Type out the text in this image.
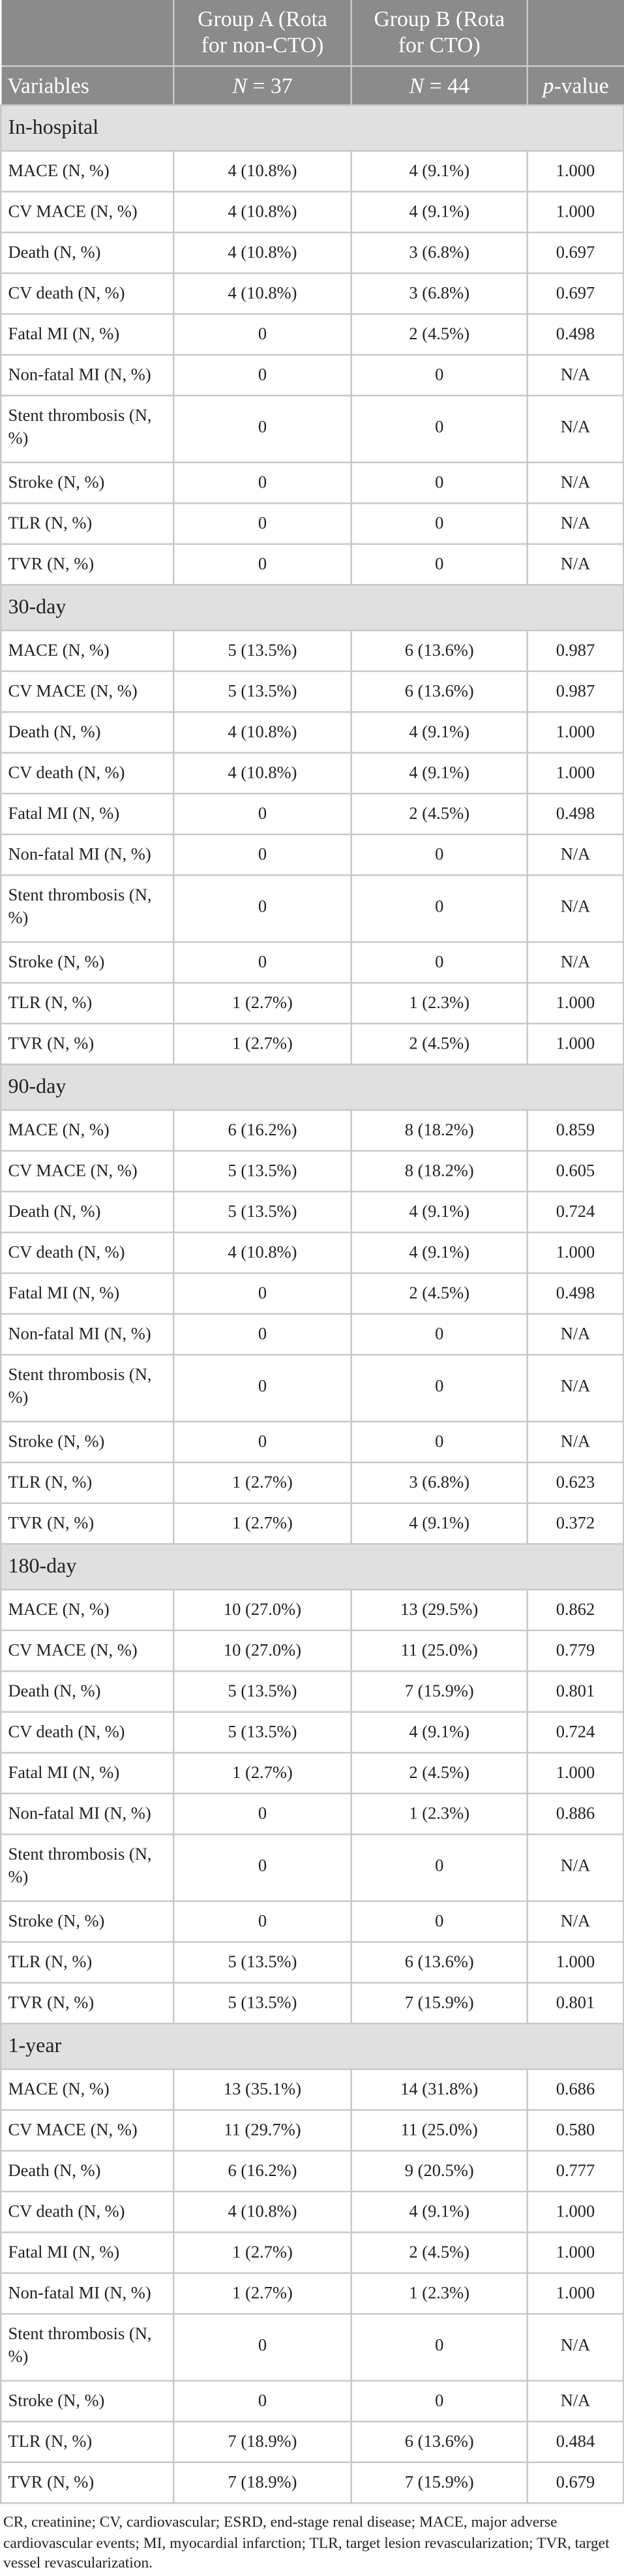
	Group A (Rota
for non-CTO)	Group B (Rota
for CTO)	
Variables	N = 37	N = 44	p-value
In-hospital			
MACE (N, %)	4 (10.8%)	4 (9.1%)	1.000
CV MACE (N, %)	4 (10.8%)	4 (9.1%)	1.000
Death (N, %)	4 (10.8%)	3 (6.8%)	0.697
CV death (N, %)	4 (10.8%)	3 (6.8%)	0.697
Fatal MI (N, %)	0	2 (4.5%)	0.498
Non-fatal MI (N, %)	0	0	N/A
Stent thrombosis (N, %)	0	0	N/A
Stroke (N, %)	0	0	N/A
TLR (N, %)	0	0	N/A
TVR (N, %)	0	0	N/A
30-day			
MACE (N, %)	5 (13.5%)	6 (13.6%)	0.987
CV MACE (N, %)	5 (13.5%)	6 (13.6%)	0.987
Death (N, %)	4 (10.8%)	4 (9.1%)	1.000
CV death (N, %)	4 (10.8%)	4 (9.1%)	1.000
Fatal MI (N, %)	0	2 (4.5%)	0.498
Non-fatal MI (N, %)	0	0	N/A
Stent thrombosis (N, %)	0	0	N/A
Stroke (N, %)	0	0	N/A
TLR (N, %)	1 (2.7%)	1 (2.3%)	1.000
TVR (N, %)	1 (2.7%)	2 (4.5%)	1.000
90-day			
MACE (N, %)	6 (16.2%)	8 (18.2%)	0.859
CV MACE (N, %)	5 (13.5%)	8 (18.2%)	0.605
Death (N, %)	5 (13.5%)	4 (9.1%)	0.724
CV death (N, %)	4 (10.8%)	4 (9.1%)	1.000
Fatal MI (N, %)	0	2 (4.5%)	0.498
Non-fatal MI (N, %)	0	0	N/A
Stent thrombosis (N, %)	0	0	N/A
Stroke (N, %)	0	0	N/A
TLR (N, %)	1 (2.7%)	3 (6.8%)	0.623
TVR (N, %)	1 (2.7%)	4 (9.1%)	0.372
180-day			
MACE (N, %)	10 (27.0%)	13 (29.5%)	0.862
CV MACE (N, %)	10 (27.0%)	11 (25.0%)	0.779
Death (N, %)	5 (13.5%)	7 (15.9%)	0.801
CV death (N, %)	5 (13.5%)	4 (9.1%)	0.724
Fatal MI (N, %)	1 (2.7%)	2 (4.5%)	1.000
Non-fatal MI (N, %)	0	1 (2.3%)	0.886
Stent thrombosis (N, %)	0	0	N/A
Stroke (N, %)	0	0	N/A
TLR (N, %)	5 (13.5%)	6 (13.6%)	1.000
TVR (N, %)	5 (13.5%)	7 (15.9%)	0.801
1-year			
MACE (N, %)	13 (35.1%)	14 (31.8%)	0.686
CV MACE (N, %)	11 (29.7%)	11 (25.0%)	0.580
Death (N, %)	6 (16.2%)	9 (20.5%)	0.777
CV death (N, %)	4 (10.8%)	4 (9.1%)	1.000
Fatal MI (N, %)	1 (2.7%)	2 (4.5%)	1.000
Non-fatal MI (N, %)	1 (2.7%)	1 (2.3%)	1.000
Stent thrombosis (N, %)	0	0	N/A
Stroke (N, %)	0	0	N/A
TLR (N, %)	7 (18.9%)	6 (13.6%)	0.484
TVR (N, %)	7 (18.9%)	7 (15.9%)	0.679
CR, creatinine; CV, cardiovascular; ESRD, end-stage renal disease; MACE, major adverse cardiovascular events; MI, myocardial infarction; TLR, target lesion revascularization; TVR, target vessel revascularization.
